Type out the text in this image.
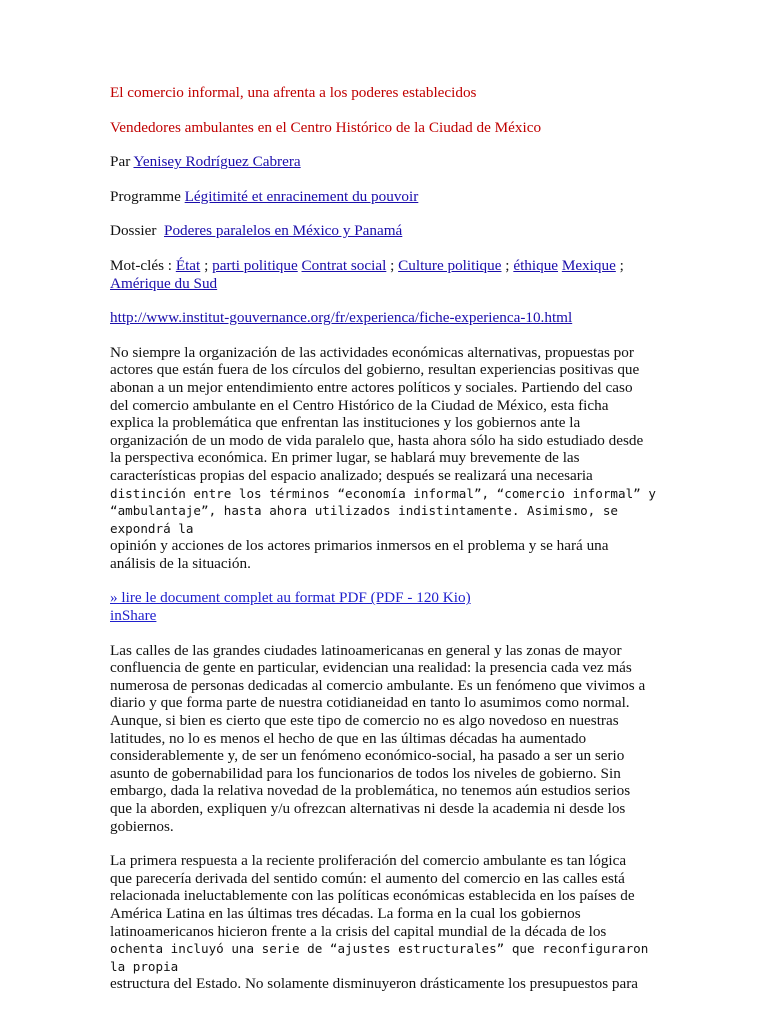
El comercio informal, una afrenta a los poderes establecidos

Vendedores ambulantes en el Centro Histórico de la Ciudad de México

Par Yenisey Rodríguez Cabrera

Programme Légitimité et enracinement du pouvoir

Dossier Poderes paralelos en México y Panamá

Mot-clés : État ; parti politique Contrat social ; Culture politique ; éthique Mexique ;
Amérique du Sud

http://www.institut-gouvernance.org/fr/experienca/fiche-experienca-10.html

No siempre la organización de las actividades económicas alternativas, propuestas por
actores que están fuera de los círculos del gobierno, resultan experiencias positivas que
abonan a un mejor entendimiento entre actores políticos y sociales. Partiendo del caso
del comercio ambulante en el Centro Histórico de la Ciudad de México, esta ficha
explica la problemática que enfrentan las instituciones y los gobiernos ante la
organización de un modo de vida paralelo que, hasta ahora sólo ha sido estudiado desde
la perspectiva económica. En primer lugar, se hablará muy brevemente de las
características propias del espacio analizado; después se realizará una necesaria
distinción entre los términos “economía informal”, “comercio informal” y
“ambulantaje”, hasta ahora utilizados indistintamente. Asimismo, se expondrá la
opinión y acciones de los actores primarios inmersos en el problema y se hará una
análisis de la situación.

» lire le document complet au format PDF (PDF - 120 Kio)
inShare

Las calles de las grandes ciudades latinoamericanas en general y las zonas de mayor
confluencia de gente en particular, evidencian una realidad: la presencia cada vez más
numerosa de personas dedicadas al comercio ambulante. Es un fenómeno que vivimos a
diario y que forma parte de nuestra cotidianeidad en tanto lo asumimos como normal.
Aunque, si bien es cierto que este tipo de comercio no es algo novedoso en nuestras
latitudes, no lo es menos el hecho de que en las últimas décadas ha aumentado
considerablemente y, de ser un fenómeno económico-social, ha pasado a ser un serio
asunto de gobernabilidad para los funcionarios de todos los niveles de gobierno. Sin
embargo, dada la relativa novedad de la problemática, no tenemos aún estudios serios
que la aborden, expliquen y/u ofrezcan alternativas ni desde la academia ni desde los
gobiernos.

La primera respuesta a la reciente proliferación del comercio ambulante es tan lógica
que parecería derivada del sentido común: el aumento del comercio en las calles está
relacionada ineluctablemente con las políticas económicas establecida en los países de
América Latina en las últimas tres décadas. La forma en la cual los gobiernos
latinoamericanos hicieron frente a la crisis del capital mundial de la década de los
ochenta incluyó una serie de “ajustes estructurales” que reconfiguraron la propia
estructura del Estado. No solamente disminuyeron drásticamente los presupuestos para
